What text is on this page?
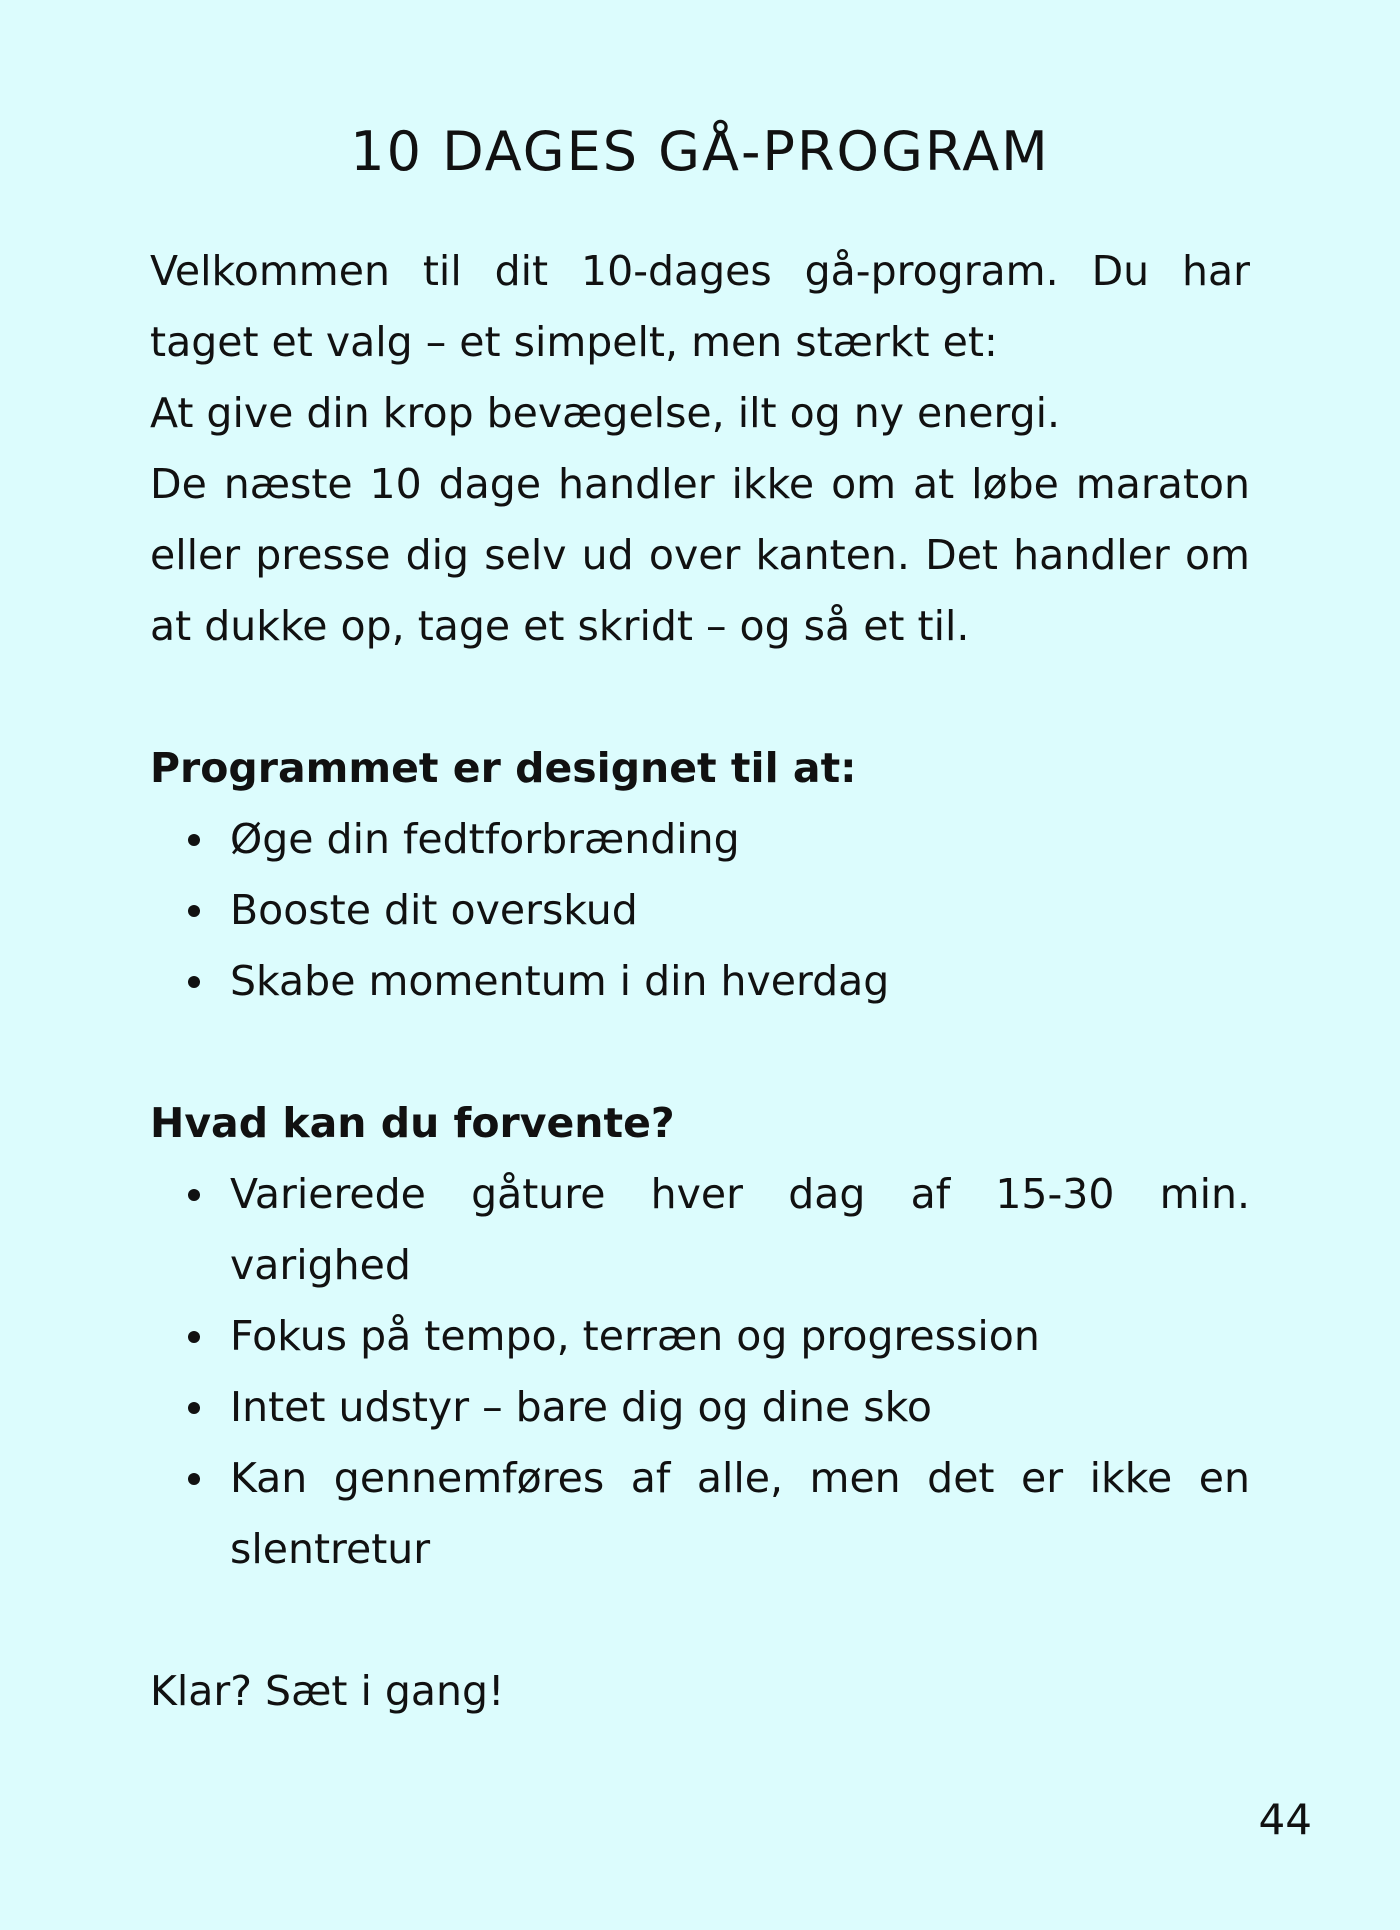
10 DAGES GÅ-PROGRAM

Velkommen til dit 10-dages gå-program. Du har taget et valg – et simpelt, men stærkt et:

At give din krop bevægelse, ilt og ny energi.

De næste 10 dage handler ikke om at løbe maraton eller presse dig selv ud over kanten. Det handler om at dukke op, tage et skridt – og så et til.

Programmet er designet til at:

Øge din fedtforbrænding
Booste dit overskud
Skabe momentum i din hverdag

Hvad kan du forvente?

Varierede gåture hver dag af 15-30 min. varighed
Fokus på tempo, terræn og progression
Intet udstyr – bare dig og dine sko
Kan gennemføres af alle, men det er ikke en slentretur

Klar? Sæt i gang!

44
